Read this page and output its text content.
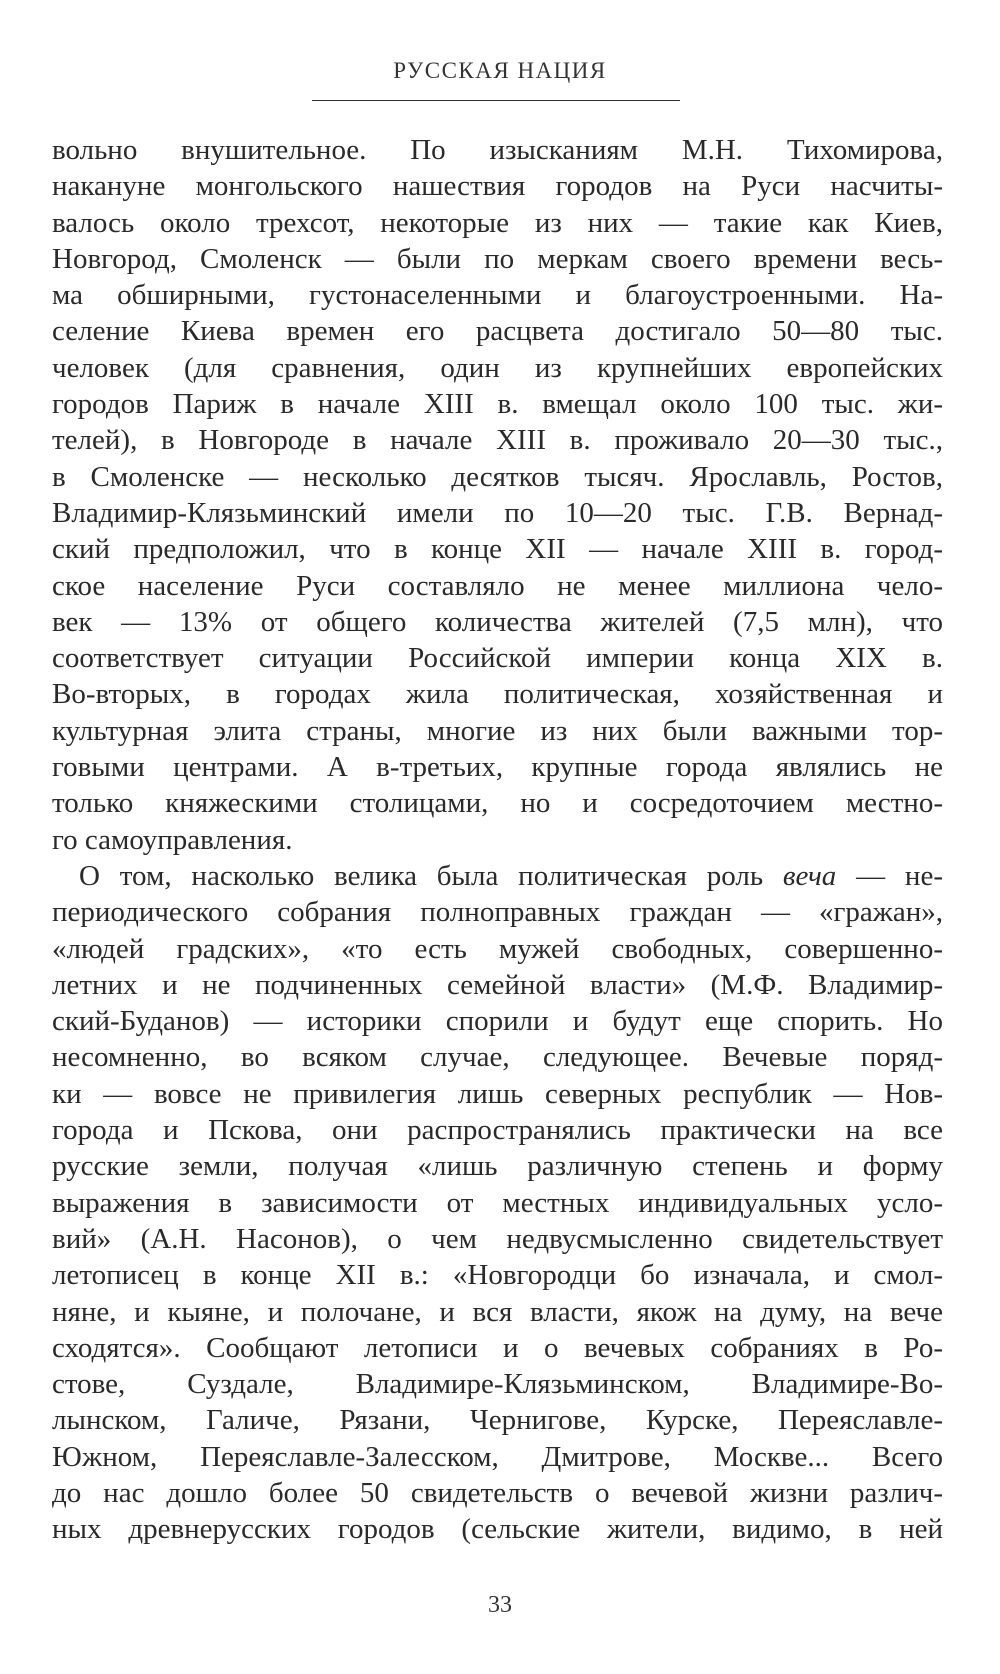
РУССКАЯ НАЦИЯ
вольно внушительное. По изысканиям М.Н. Тихомирова,
накануне монгольского нашествия городов на Руси насчиты-
валось около трехсот, некоторые из них — такие как Киев,
Новгород, Смоленск — были по меркам своего времени весь-
ма обширными, густонаселенными и благоустроенными. На-
селение Киева времен его расцвета достигало 50—80 тыс.
человек (для сравнения, один из крупнейших европейских
городов Париж в начале XIII в. вмещал около 100 тыс. жи-
телей), в Новгороде в начале XIII в. проживало 20—30 тыс.,
в Смоленске — несколько десятков тысяч. Ярославль, Ростов,
Владимир-Клязьминский имели по 10—20 тыс. Г.В. Вернад-
ский предположил, что в конце XII — начале XIII в. город-
ское население Руси составляло не менее миллиона чело-
век — 13% от общего количества жителей (7,5 млн), что
соответствует ситуации Российской империи конца XIX в.
Во-вторых, в городах жила политическая, хозяйственная и
культурная элита страны, многие из них были важными тор-
говыми центрами. А в-третьих, крупные города являлись не
только княжескими столицами, но и сосредоточием местно-
го самоуправления.
О том, насколько велика была политическая роль веча — не-
периодического собрания полноправных граждан — «гражан»,
«людей градских», «то есть мужей свободных, совершенно-
летних и не подчиненных семейной власти» (М.Ф. Владимир-
ский-Буданов) — историки спорили и будут еще спорить. Но
несомненно, во всяком случае, следующее. Вечевые поряд-
ки — вовсе не привилегия лишь северных республик — Нов-
города и Пскова, они распространялись практически на все
русские земли, получая «лишь различную степень и форму
выражения в зависимости от местных индивидуальных усло-
вий» (А.Н. Насонов), о чем недвусмысленно свидетельствует
летописец в конце XII в.: «Новгородци бо изначала, и смол-
няне, и кыяне, и полочане, и вся власти, якож на думу, на вече
сходятся». Сообщают летописи и о вечевых собраниях в Ро-
стове, Суздале, Владимире-Клязьминском, Владимире-Во-
лынском, Галиче, Рязани, Чернигове, Курске, Переяславле-
Южном, Переяславле-Залесском, Дмитрове, Москве... Всего
до нас дошло более 50 свидетельств о вечевой жизни различ-
ных древнерусских городов (сельские жители, видимо, в ней
33
